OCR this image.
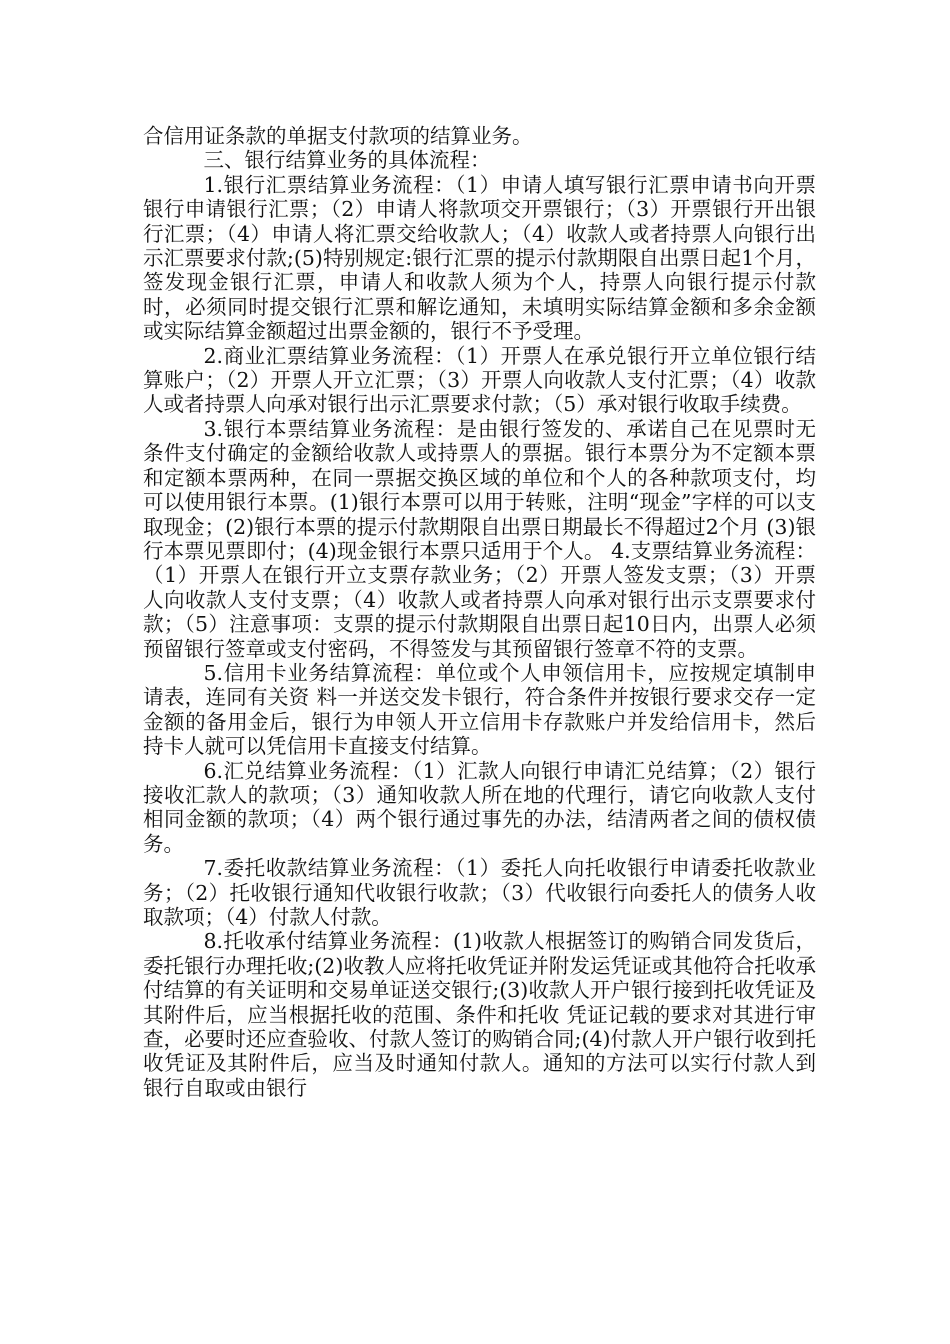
合信用证条款的单据支付款项的结算业务。

三、银行结算业务的具体流程：

1.银行汇票结算业务流程：（1）申请人填写银行汇票申请书向开票银行申请银行汇票；（2）申请人将款项交开票银行；（3）开票银行开出银行汇票；（4）申请人将汇票交给收款人；（4）收款人或者持票人向银行出示汇票要求付款;(5)特别规定:银行汇票的提示付款期限自出票日起1个月，签发现金银行汇票，申请人和收款人须为个人，持票人向银行提示付款时，必须同时提交银行汇票和解讫通知，未填明实际结算金额和多余金额或实际结算金额超过出票金额的，银行不予受理。

2.商业汇票结算业务流程：（1）开票人在承兑银行开立单位银行结算账户；（2）开票人开立汇票；（3）开票人向收款人支付汇票；（4）收款人或者持票人向承对银行出示汇票要求付款；（5）承对银行收取手续费。

3.银行本票结算业务流程：是由银行签发的、承诺自己在见票时无条件支付确定的金额给收款人或持票人的票据。银行本票分为不定额本票和定额本票两种，在同一票据交换区域的单位和个人的各种款项支付，均可以使用银行本票。(1)银行本票可以用于转账，注明“现金”字样的可以支取现金；(2)银行本票的提示付款期限自出票日期最长不得超过2个月 (3)银行本票见票即付；(4)现金银行本票只适用于个人。 4.支票结算业务流程：（1）开票人在银行开立支票存款业务；（2）开票人签发支票；（3）开票人向收款人支付支票；（4）收款人或者持票人向承对银行出示支票要求付款；（5）注意事项：支票的提示付款期限自出票日起10日内，出票人必须预留银行签章或支付密码，不得签发与其预留银行签章不符的支票。

5.信用卡业务结算流程：单位或个人申领信用卡，应按规定填制申请表，连同有关资 料一并送交发卡银行，符合条件并按银行要求交存一定金额的备用金后，银行为申领人开立信用卡存款账户并发给信用卡，然后持卡人就可以凭信用卡直接支付结算。

6.汇兑结算业务流程：（1）汇款人向银行申请汇兑结算；（2）银行接收汇款人的款项；（3）通知收款人所在地的代理行，请它向收款人支付相同金额的款项；（4）两个银行通过事先的办法，结清两者之间的债权债务。

7.委托收款结算业务流程：（1）委托人向托收银行申请委托收款业务；（2）托收银行通知代收银行收款；（3）代收银行向委托人的债务人收取款项；（4）付款人付款。

8.托收承付结算业务流程：(1)收款人根据签订的购销合同发货后，委托银行办理托收;(2)收教人应将托收凭证并附发运凭证或其他符合托收承付结算的有关证明和交易单证送交银行;(3)收款人开户银行接到托收凭证及其附件后，应当根据托收的范围、条件和托收 凭证记载的要求对其进行审查，必要时还应查验收、付款人签订的购销合同;(4)付款人开户银行收到托收凭证及其附件后，应当及时通知付款人。通知的方法可以实行付款人到银行自取或由银行
